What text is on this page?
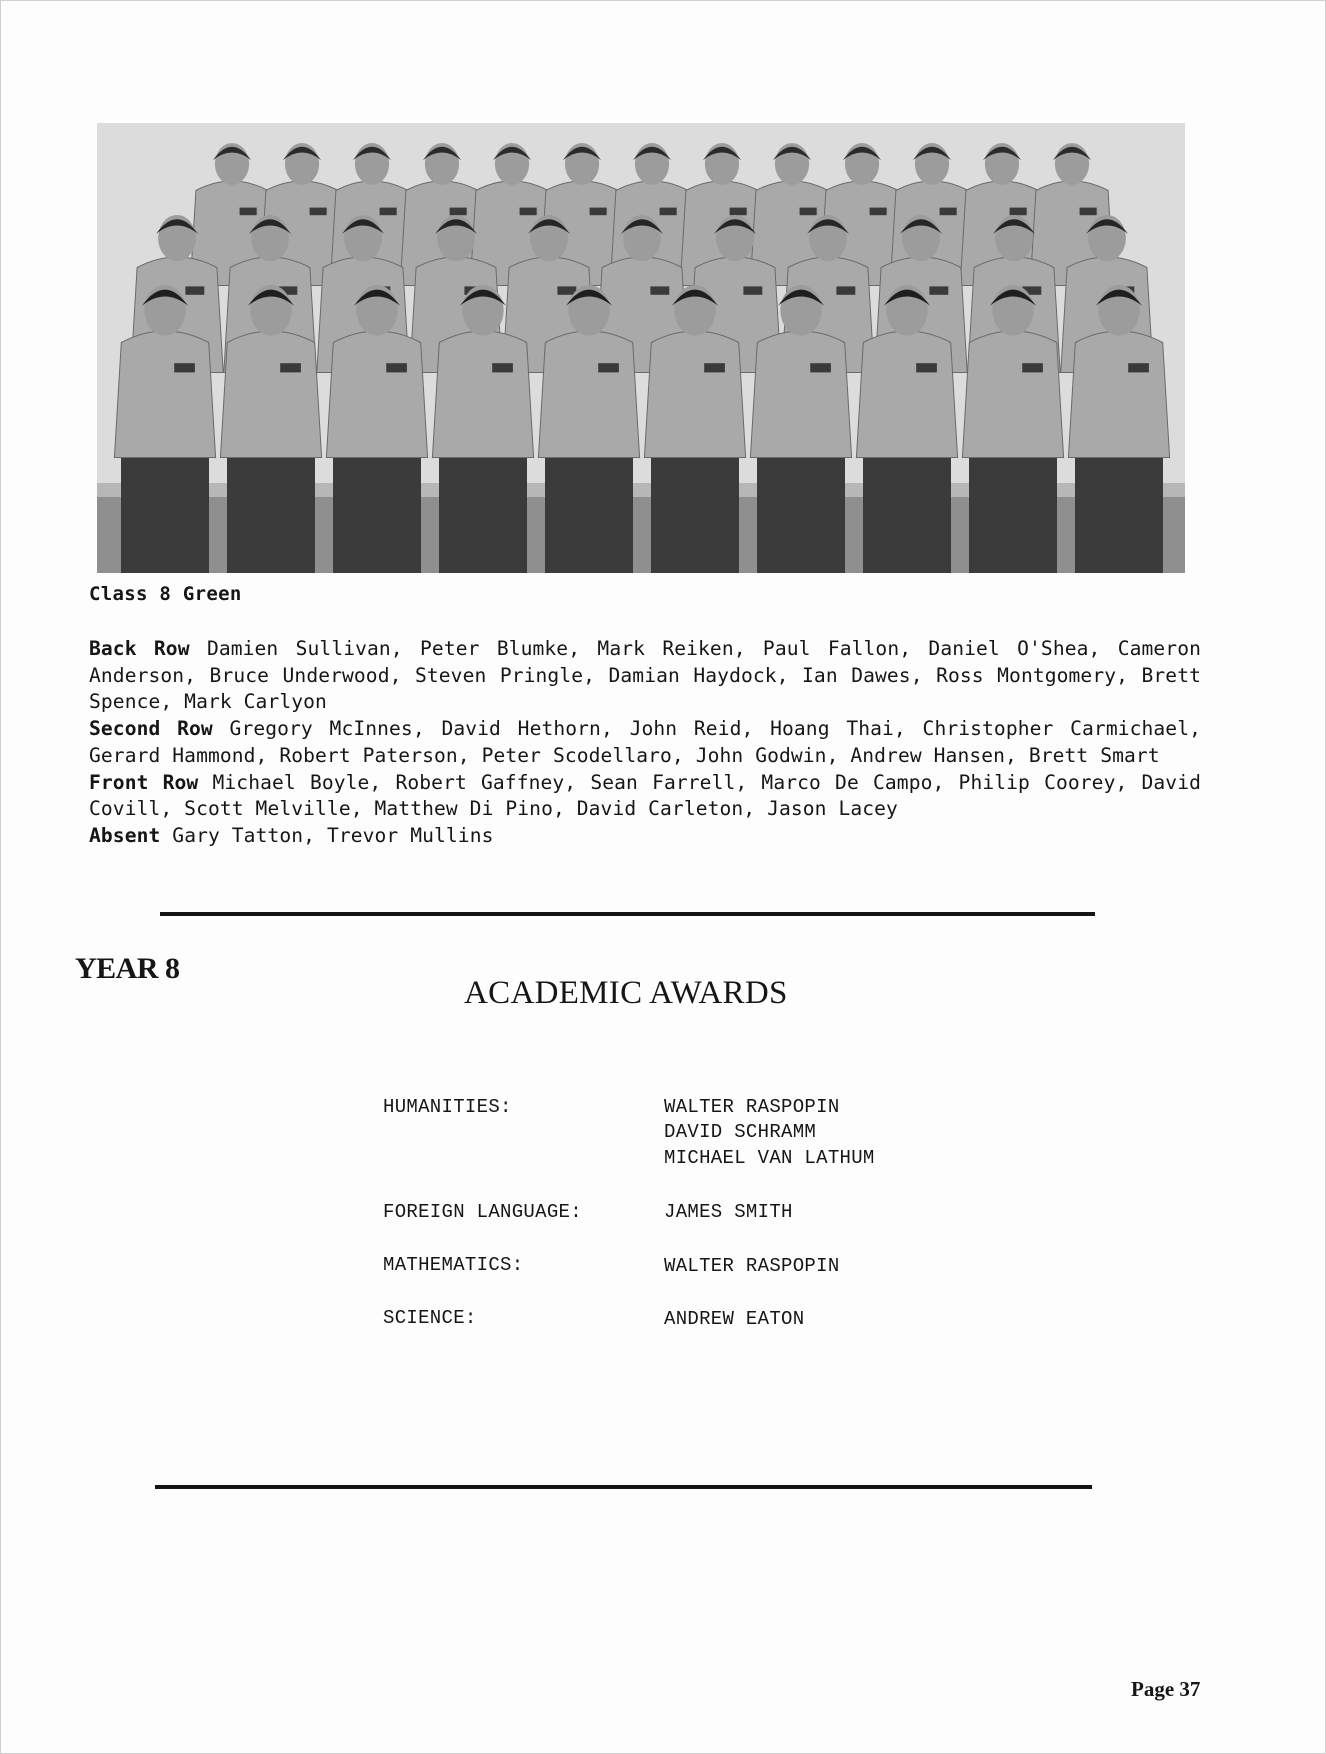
Class 8 Green

Back Row Damien Sullivan, Peter Blumke, Mark Reiken, Paul Fallon, Daniel O'Shea, Cameron Anderson, Bruce Underwood, Steven Pringle, Damian Haydock, Ian Dawes, Ross Montgomery, Brett Spence, Mark Carlyon

Second Row Gregory McInnes, David Hethorn, John Reid, Hoang Thai, Christopher Carmichael, Gerard Hammond, Robert Paterson, Peter Scodellaro, John Godwin, Andrew Hansen, Brett Smart

Front Row Michael Boyle, Robert Gaffney, Sean Farrell, Marco De Campo, Philip Coorey, David Covill, Scott Melville, Matthew Di Pino, David Carleton, Jason Lacey

Absent Gary Tatton, Trevor Mullins

YEAR 8
ACADEMIC AWARDS
HUMANITIES:	WALTER RASPOPIN
DAVID SCHRAMM
MICHAEL VAN LATHUM
FOREIGN LANGUAGE:	JAMES SMITH
MATHEMATICS:	WALTER RASPOPIN
SCIENCE:	ANDREW EATON
Page 37
